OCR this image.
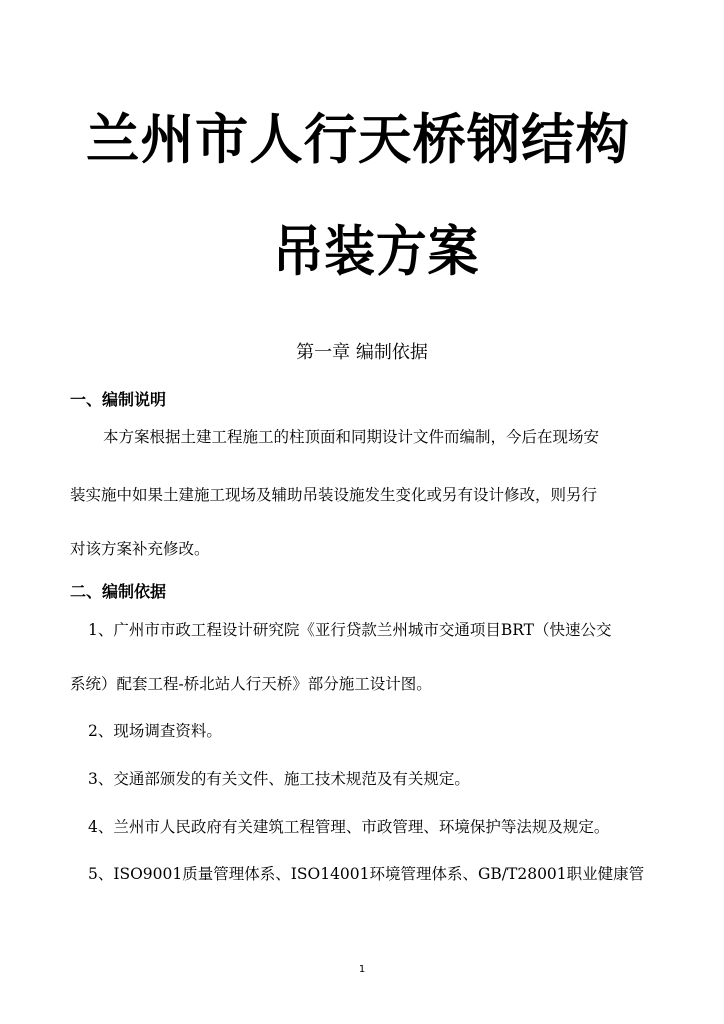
兰州市人行天桥钢结构
吊装方案
第一章 编制依据
一、编制说明
本方案根据土建工程施工的柱顶面和同期设计文件而编制，今后在现场安
装实施中如果土建施工现场及辅助吊装设施发生变化或另有设计修改，则另行
对该方案补充修改。
二、编制依据
1、广州市市政工程设计研究院《亚行贷款兰州城市交通项目BRT（快速公交
系统）配套工程-桥北站人行天桥》部分施工设计图。
2、现场调查资料。
3、交通部颁发的有关文件、施工技术规范及有关规定。
4、兰州市人民政府有关建筑工程管理、市政管理、环境保护等法规及规定。
5、ISO9001质量管理体系、ISO14001环境管理体系、GB/T28001职业健康管
1
